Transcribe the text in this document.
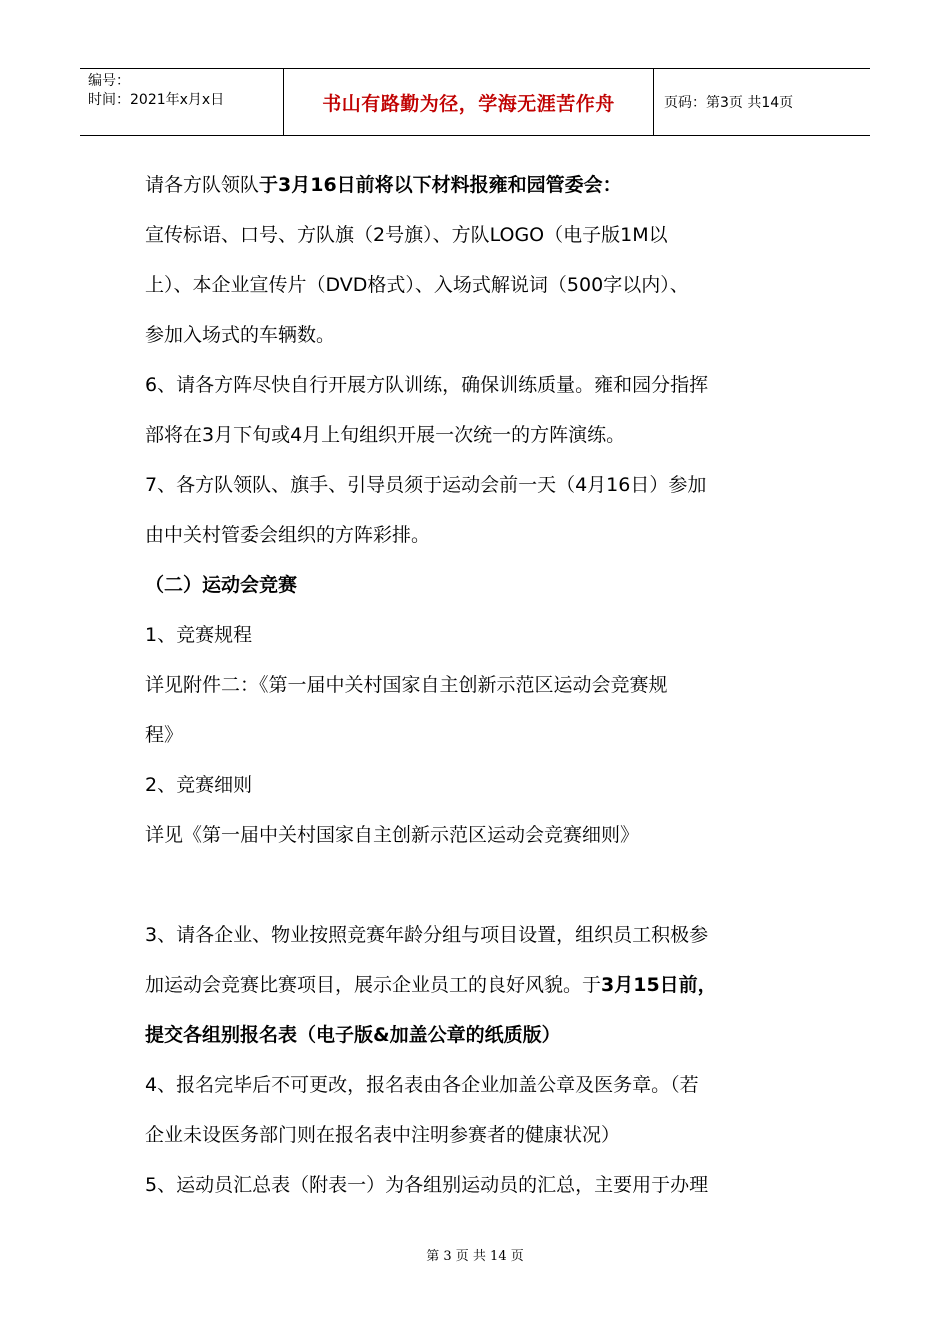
编号：
时间：2021年x月x日	书山有路勤为径，学海无涯苦作舟	页码：第3页 共14页

请各方队领队于3月16日前将以下材料报雍和园管委会：

宣传标语、口号、方队旗（2号旗）、方队LOGO（电子版1M以

上）、本企业宣传片（DVD格式）、入场式解说词（500字以内）、

参加入场式的车辆数。

6、请各方阵尽快自行开展方队训练，确保训练质量。雍和园分指挥

部将在3月下旬或4月上旬组织开展一次统一的方阵演练。

7、各方队领队、旗手、引导员须于运动会前一天（4月16日）参加

由中关村管委会组织的方阵彩排。

（二）运动会竞赛

1、竞赛规程

详见附件二：《第一届中关村国家自主创新示范区运动会竞赛规

程》

2、竞赛细则

详见《第一届中关村国家自主创新示范区运动会竞赛细则》

3、请各企业、物业按照竞赛年龄分组与项目设置，组织员工积极参

加运动会竞赛比赛项目，展示企业员工的良好风貌。于3月15日前，

提交各组别报名表（电子版&加盖公章的纸质版）

4、报名完毕后不可更改，报名表由各企业加盖公章及医务章。（若

企业未设医务部门则在报名表中注明参赛者的健康状况）

5、运动员汇总表（附表一）为各组别运动员的汇总，主要用于办理

第 3 页 共 14 页
